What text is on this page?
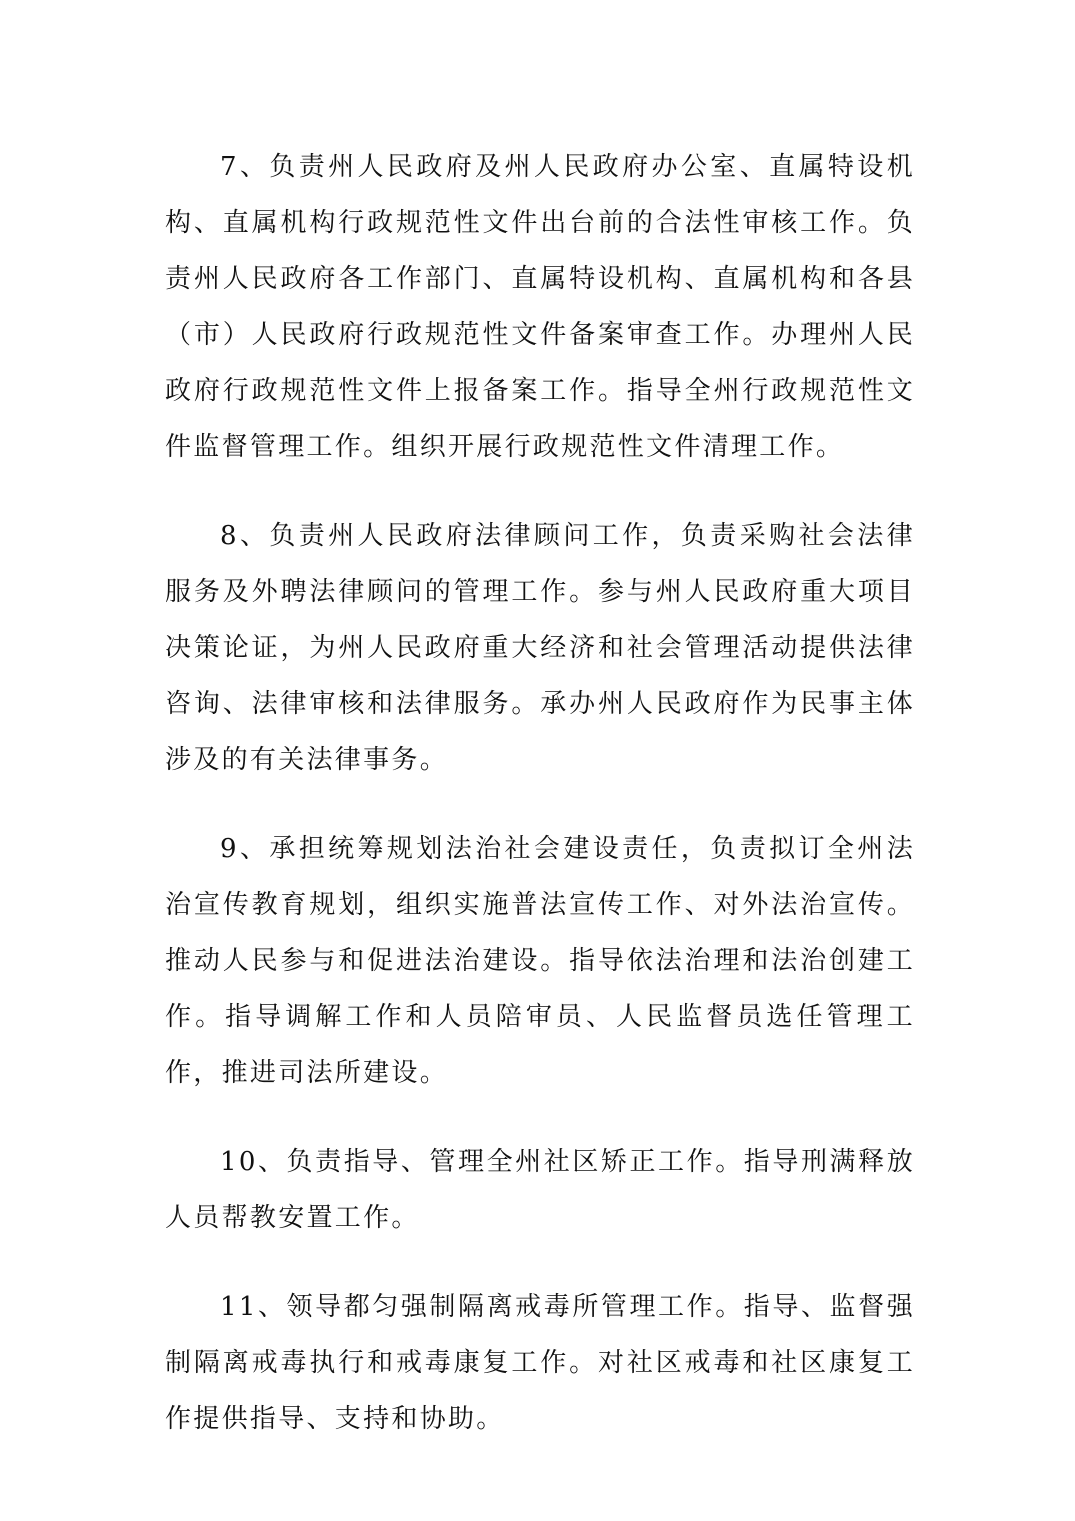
7、负责州人民政府及州人民政府办公室、直属特设机构、直属机构行政规范性文件出台前的合法性审核工作。负责州人民政府各工作部门、直属特设机构、直属机构和各县（市）人民政府行政规范性文件备案审查工作。办理州人民政府行政规范性文件上报备案工作。指导全州行政规范性文件监督管理工作。组织开展行政规范性文件清理工作。

8、负责州人民政府法律顾问工作，负责采购社会法律服务及外聘法律顾问的管理工作。参与州人民政府重大项目决策论证，为州人民政府重大经济和社会管理活动提供法律咨询、法律审核和法律服务。承办州人民政府作为民事主体涉及的有关法律事务。

9、承担统筹规划法治社会建设责任，负责拟订全州法治宣传教育规划，组织实施普法宣传工作、对外法治宣传。推动人民参与和促进法治建设。指导依法治理和法治创建工作。指导调解工作和人员陪审员、人民监督员选任管理工作，推进司法所建设。

10、负责指导、管理全州社区矫正工作。指导刑满释放人员帮教安置工作。

11、领导都匀强制隔离戒毒所管理工作。指导、监督强制隔离戒毒执行和戒毒康复工作。对社区戒毒和社区康复工作提供指导、支持和协助。
